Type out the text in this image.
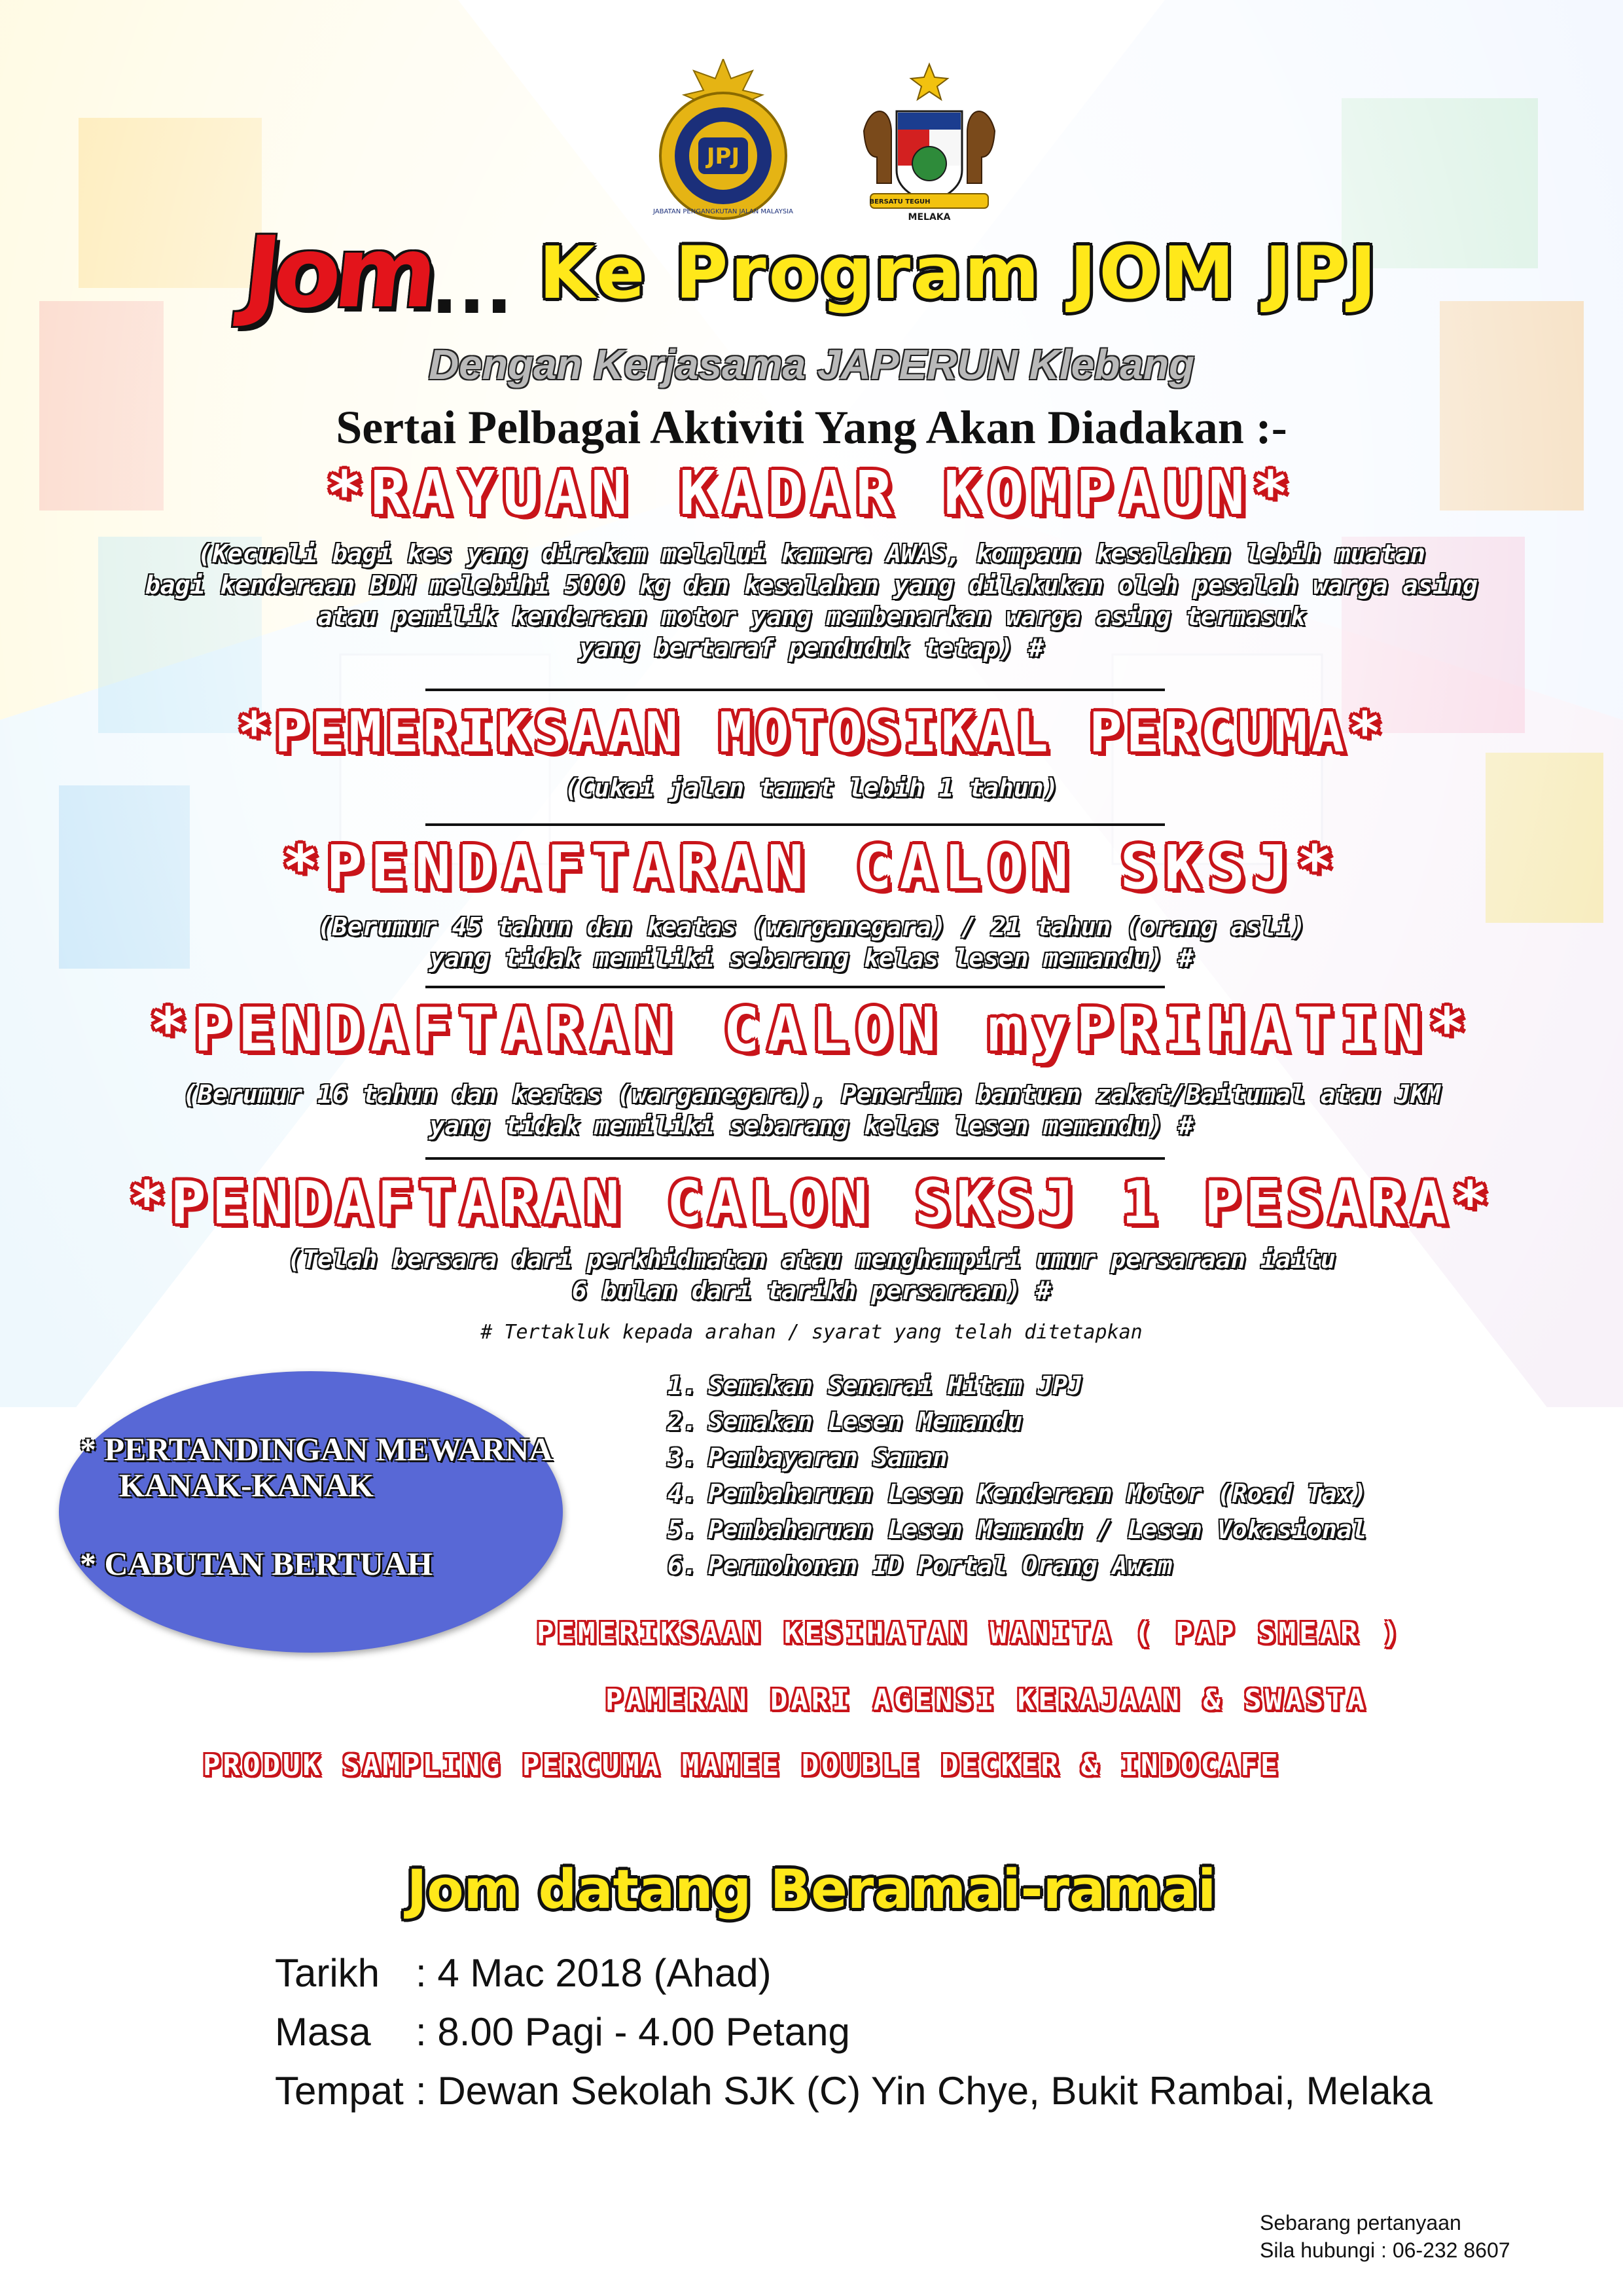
JPJ
JABATAN PENGANGKUTAN JALAN MALAYSIA
BERSATU TEGUH
MELAKA
Jom... Ke Program JOM JPJ
Dengan Kerjasama JAPERUN Klebang
Sertai Pelbagai Aktiviti Yang Akan Diadakan :-
*RAYUAN KADAR KOMPAUN*
(Kecuali bagi kes yang dirakam melalui kamera AWAS, kompaun kesalahan lebih muatan
bagi kenderaan BDM melebihi 5000 kg dan kesalahan yang dilakukan oleh pesalah warga asing
atau pemilik kenderaan motor yang membenarkan warga asing termasuk
yang bertaraf penduduk tetap) #
*PEMERIKSAAN MOTOSIKAL PERCUMA*
(Cukai jalan tamat lebih 1 tahun)
*PENDAFTARAN CALON SKSJ*
(Berumur 45 tahun dan keatas (warganegara) / 21 tahun (orang asli)
yang tidak memiliki sebarang kelas lesen memandu) #
*PENDAFTARAN CALON myPRIHATIN*
(Berumur 16 tahun dan keatas (warganegara), Penerima bantuan zakat/Baitumal atau JKM
yang tidak memiliki sebarang kelas lesen memandu) #
*PENDAFTARAN CALON SKSJ 1 PESARA*
(Telah bersara dari perkhidmatan atau menghampiri umur persaraan iaitu
6 bulan dari tarikh persaraan) #
# Tertakluk kepada arahan / syarat yang telah ditetapkan
* PERTANDINGAN MEWARNA
KANAK-KANAK
* CABUTAN BERTUAH
1. Semakan Senarai Hitam JPJ
2. Semakan Lesen Memandu
3. Pembayaran Saman
4. Pembaharuan Lesen Kenderaan Motor (Road Tax)
5. Pembaharuan Lesen Memandu / Lesen Vokasional
6. Permohonan ID Portal Orang Awam
PEMERIKSAAN KESIHATAN WANITA ( PAP SMEAR )
PAMERAN DARI AGENSI KERAJAAN & SWASTA
PRODUK SAMPLING PERCUMA MAMEE DOUBLE DECKER & INDOCAFE
Jom datang Beramai-ramai
Tarikh : 4 Mac 2018 (Ahad)
Masa : 8.00 Pagi - 4.00 Petang
Tempat : Dewan Sekolah SJK (C) Yin Chye, Bukit Rambai, Melaka
Sebarang pertanyaan
Sila hubungi : 06-232 8607
